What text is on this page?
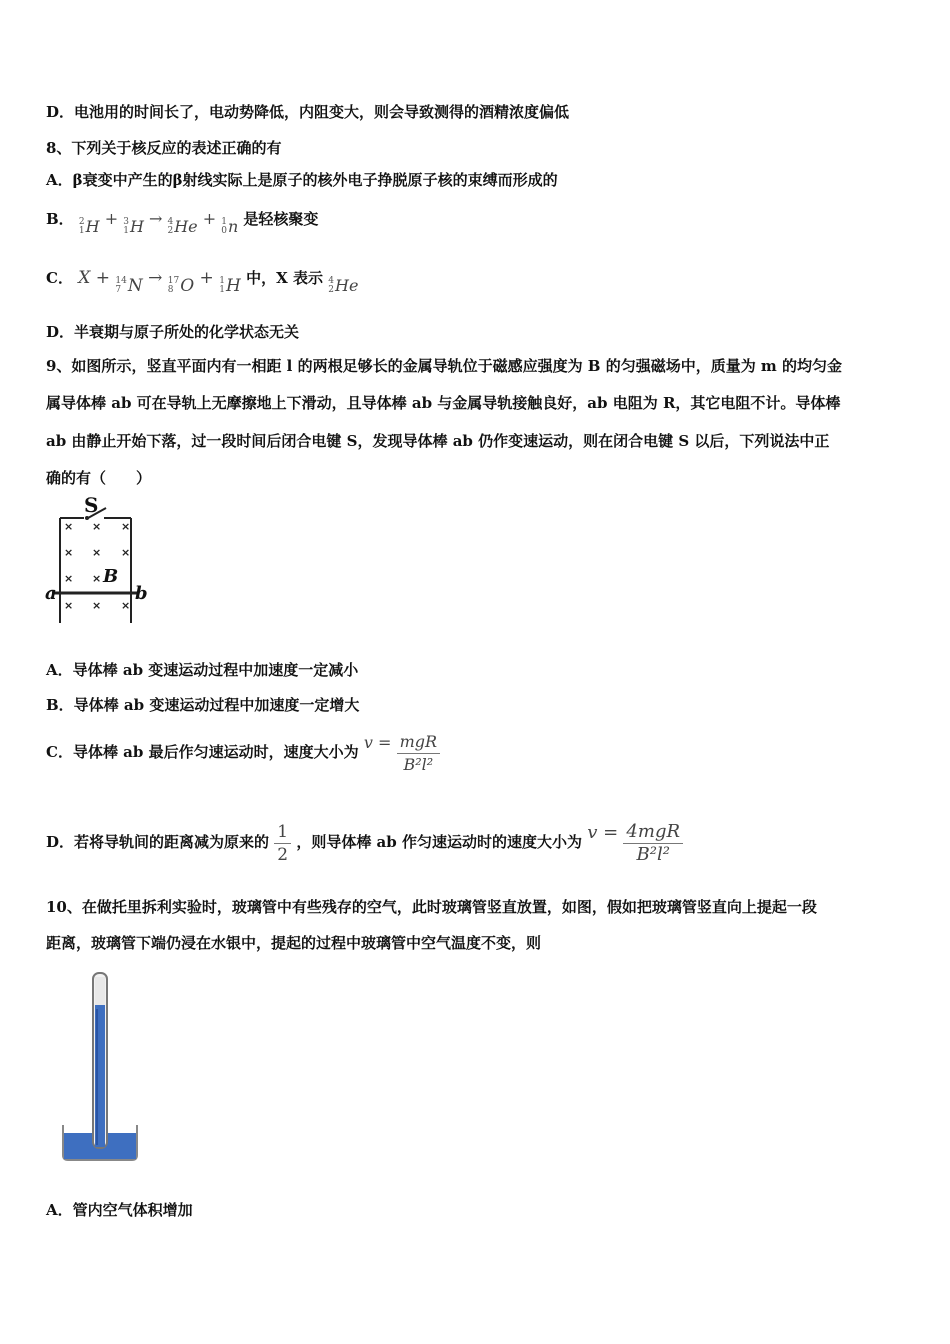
D．电池用的时间长了，电动势降低，内阻变大，则会导致测得的酒精浓度偏低
8、下列关于核反应的表述正确的有
A．β衰变中产生的β射线实际上是原子的核外电子挣脱原子核的束缚而形成的
B． 2
1 H + 3
1 H → 4
2 He + 1
0 n 是轻核聚变
C． X + 14
7 N → 17
8 O + 1
1 H 中，X 表示 4
2 He
D．半衰期与原子所处的化学状态无关
9、如图所示，竖直平面内有一相距 l 的两根足够长的金属导轨位于磁感应强度为 B 的匀强磁场中，质量为 m 的均匀金
属导体棒 ab 可在导轨上无摩擦地上下滑动，且导体棒 ab 与金属导轨接触良好，ab 电阻为 R，其它电阻不计。导体棒
ab 由静止开始下落，过一段时间后闭合电键 S，发现导体棒 ab 仍作变速运动，则在闭合电键 S 以后，下列说法中正
确的有（　　）
S
a	b
B
× × ×
× × ×
× ×
× × ×
A．导体棒 ab 变速运动过程中加速度一定减小
B．导体棒 ab 变速运动过程中加速度一定增大
C．导体棒 ab 最后作匀速运动时，速度大小为 $v = \frac{\text{mgR}}{\text{B²l²}}$
D．若将导轨间的距离减为原来的 $\frac{1}{2}$ ，则导体棒 ab 作匀速运动时的速度大小为 $v = \frac{\text{4mgR}}{\text{B²l²}}$
10、在做托里拆利实验时，玻璃管中有些残存的空气，此时玻璃管竖直放置，如图，假如把玻璃管竖直向上提起一段
距离，玻璃管下端仍浸在水银中，提起的过程中玻璃管中空气温度不变，则
A．管内空气体积增加
